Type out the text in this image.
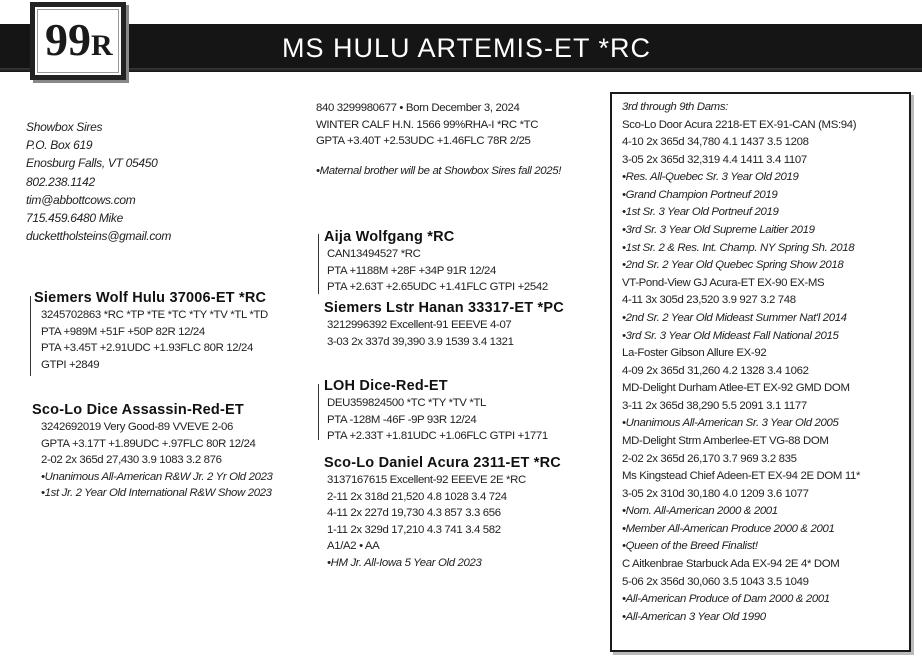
MS HULU ARTEMIS-ET *RC
99R
Showbox Sires
P.O. Box 619
Enosburg Falls, VT 05450
802.238.1142
tim@abbottcows.com
715.459.6480 Mike
duckettholsteins@gmail.com
840 3299980677 • Born December 3, 2024
WINTER CALF H.N. 1566 99%RHA-I *RC *TC
GPTA +3.40T +2.53UDC +1.46FLC 78R 2/25
•Maternal brother will be at Showbox Sires fall 2025!
Siemers Wolf Hulu 37006-ET *RC
3245702863 *RC *TP *TE *TC *TY *TV *TL *TD
PTA +989M +51F +50P 82R 12/24
PTA +3.45T +2.91UDC +1.93FLC 80R 12/24
GTPI +2849
Sco-Lo Dice Assassin-Red-ET
3242692019 Very Good-89 VVEVE 2-06
GPTA +3.17T +1.89UDC +.97FLC 80R 12/24
2-02 2x 365d 27,430 3.9 1083 3.2 876
•Unanimous All-American R&W Jr. 2 Yr Old 2023
•1st Jr. 2 Year Old International R&W Show 2023
Aija Wolfgang *RC
CAN13494527 *RC
PTA +1188M +28F +34P 91R 12/24
PTA +2.63T +2.65UDC +1.41FLC GTPI +2542
Siemers Lstr Hanan 33317-ET *PC
3212996392 Excellent-91 EEEVE 4-07
3-03 2x 337d 39,390 3.9 1539 3.4 1321
LOH Dice-Red-ET
DEU359824500 *TC *TY *TV *TL
PTA -128M -46F -9P 93R 12/24
PTA +2.33T +1.81UDC +1.06FLC GTPI +1771
Sco-Lo Daniel Acura 2311-ET *RC
3137167615 Excellent-92 EEEVE 2E *RC
2-11 2x 318d 21,520 4.8 1028 3.4 724
4-11 2x 227d 19,730 4.3 857 3.3 656
1-11 2x 329d 17,210 4.3 741 3.4 582
A1/A2 • AA
•HM Jr. All-Iowa 5 Year Old 2023
3rd through 9th Dams:
Sco-Lo Door Acura 2218-ET EX-91-CAN (MS:94)
4-10 2x 365d 34,780 4.1 1437 3.5 1208
3-05 2x 365d 32,319 4.4 1411 3.4 1107
•Res. All-Quebec Sr. 3 Year Old 2019
•Grand Champion Portneuf 2019
•1st Sr. 3 Year Old Portneuf 2019
•3rd Sr. 3 Year Old Supreme Laitier 2019
•1st Sr. 2 & Res. Int. Champ. NY Spring Sh. 2018
•2nd Sr. 2 Year Old Quebec Spring Show 2018
VT-Pond-View GJ Acura-ET EX-90 EX-MS
4-11 3x 305d 23,520 3.9 927 3.2 748
•2nd Sr. 2 Year Old Mideast Summer Nat'l 2014
•3rd Sr. 3 Year Old Mideast Fall National 2015
La-Foster Gibson Allure EX-92
4-09 2x 365d 31,260 4.2 1328 3.4 1062
MD-Delight Durham Atlee-ET EX-92 GMD DOM
3-11 2x 365d 38,290 5.5 2091 3.1 1177
•Unanimous All-American Sr. 3 Year Old 2005
MD-Delight Strm Amberlee-ET VG-88 DOM
2-02 2x 365d 26,170 3.7 969 3.2 835
Ms Kingstead Chief Adeen-ET EX-94 2E DOM 11*
3-05 2x 310d 30,180 4.0 1209 3.6 1077
•Nom. All-American 2000 & 2001
•Member All-American Produce 2000 & 2001
•Queen of the Breed Finalist!
C Aitkenbrae Starbuck Ada EX-94 2E 4* DOM
5-06 2x 356d 30,060 3.5 1043 3.5 1049
•All-American Produce of Dam 2000 & 2001
•All-American 3 Year Old 1990
